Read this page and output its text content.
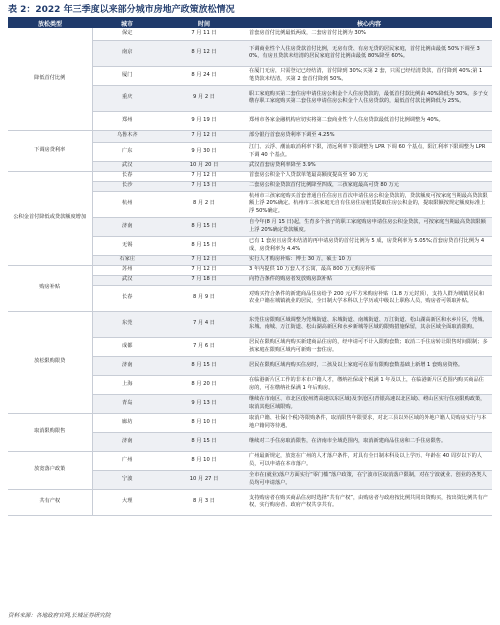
表 2：2022 年三季度以来部分城市房地产政策放松情况
放松类型	城市	时间	核心内容
降低首付比例	保定	7 月 11 日	首套房首付比例最低两成，二套房首付比例为 30%
	南京	8 月 12 日	下调商业性个人住房贷款首付比例，无房有贷、有房无贷的居民家庭，首付比例由最低 50%下调至 30%，有房且贷款未结清的居民家庭首付比例由最低 80%降至 60%。
	厦门	8 月 24 日	在厦门无房，只需登记已经结清，首付降到 30%;买第 2 套，只需已经结清贷款，首付降到 40%;第 1 笔贷款未结清，买第 2 套首付降到 50%。
	重庆	9 月 2 日	职工家庭购买第二套住房申请住房公积金个人住房贷款的，最低首付款比例由 40%降低为 30%。多子女缴存职工家庭购买第二套住房申请住房公积金个人住房贷款的，最低首付款比例降低为 25%。
	郑州	9 月 19 日	郑州市各家金融机构应切实将第二套商业性个人住房贷款最低首付比例调整为 40%。
下调房贷利率	乌鲁木齐	7 月 12 日	部分银行首套房贷利率下调至 4.25%
	广东	9 月 30 日	江门、云浮、潮汕取消利率下限，清远利率下限调整为 LPR 下调 60 个基点，阳江利率下限调整为 LPR 下调 40 个基点。
	武汉	10 月 20 日	武汉首套房贷利率降至 3.9%
公积金首付降低或贷款额度增加	长春	7 月 12 日	首套房公积金个人贷款单笔最高额度提高至 90 万元
	长沙	7 月 13 日	二套房公积金贷款首付比例降至四成，三孩家庭最高可贷 80 万元
	杭州	8 月 2 日	杭州市三孩家庭购买首套普通自住住房且首次申请住房公积金贷款的，贷款额度可按家庭当期最高贷款限额上浮 20%确定。杭州市三孩家庭无自有住房住房租赁提取住房公积金的，提取限额按规定额度标准上浮 50%确定。
	济南	8 月 15 日	自今年(8 月 15 日)起，生育多个孩子的职工家庭购房申请住房公积金贷款，可按家庭当期最高贷款限额上浮 20%确定贷款额度。
	无锡	8 月 15 日	已有 1 套房且房贷未结清的再申请房贷的首付比例为 5 成，房贷利率为 5.05%;首套房贷首付比例为 4 成，房贷利率为 4.4%
	石家庄	7 月 12 日	实行人才购房补贴：博士 30 万，硕士 10 万
购房补贴	苏州	7 月 12 日	3 年内提供 10 万套人才公寓，最高 800 万元购房补贴
	武汉	7 月 18 日	向符合条件的购房者发放购房款补贴
	长春	8 月 9 日	对购买符合条件的新建商品住房给予 200 元/平方米购房补贴（1.8 万元封顶），支持人群为城镇居民和农业户籍在城镇就业的居民，全日制大学本科以上学历或中级以上职称人员，购房者可领取补贴。
放松限购限贷	东莞	7 月 4 日	东莞住房限购区域调整为莞城街道、东城街道、南城街道、万江街道、松山湖高新区和水乡片区，莞城、东城、南城、万江街道、松山湖高新区和水乡新城等区域的限购措施保留，其余区域全面取消限购。
	成都	7 月 6 日	居民在限购区域内购买新建商品住房的，经申请可不计入限购套数；取消二手住房转让限售时间限制；多孩家庭在限购区域内可新购一套住房。
	济南	8 月 15 日	居民在限购区域内购买住房时，二孩及以上家庭可在原有限购套数基础上新增 1 套购房资格。
	上海	8 月 20 日	在临港新片区工作的非本市户籍人才，缴纳社保或个税满 1 年及以上，在临港新片区范围内购买商品住房的，可在缴纳社保满 1 年后购房。
	青岛	9 月 13 日	继续在市南区、市北区(胶州湾高速以东区域)及李沧区(青银高速以北区域)、崂山区实行住房限购政策，取消其他区域限购。
取消限购限售	廊坊	8 月 10 日	取消户籍、社保(个税)等限购条件，取消限售年限要求，对北三县以外区域的外地户籍人员购房实行与本地户籍同等待遇。
	济南	8 月 15 日	继续对二手住房取消限售，在济南市全域范围内，取消新建商品住房和二手住房限售。
放宽落户政策	广州	8 月 10 日	广州最新规定，放宽在广州的人才落户条件，对具有全日制本科及以上学历、年龄在 40 周岁以下的人员，可以申请在本市落户。
	宁波	10 月 27 日	全市在(就业)落户方面实行“零门槛”落户政策，在宁波市区取消落户限制，对在宁波就业、创业的各类人员均可申请落户。
共有产权	大理	8 月 3 日	支持购房者在购买商品住房时选择“共有产权”，由购房者与政府按比例共同出资购买，按出资比例共有产权，实行购房者、政府产权共享共有。
资料来源：各地政府官网,长城证券研究院
